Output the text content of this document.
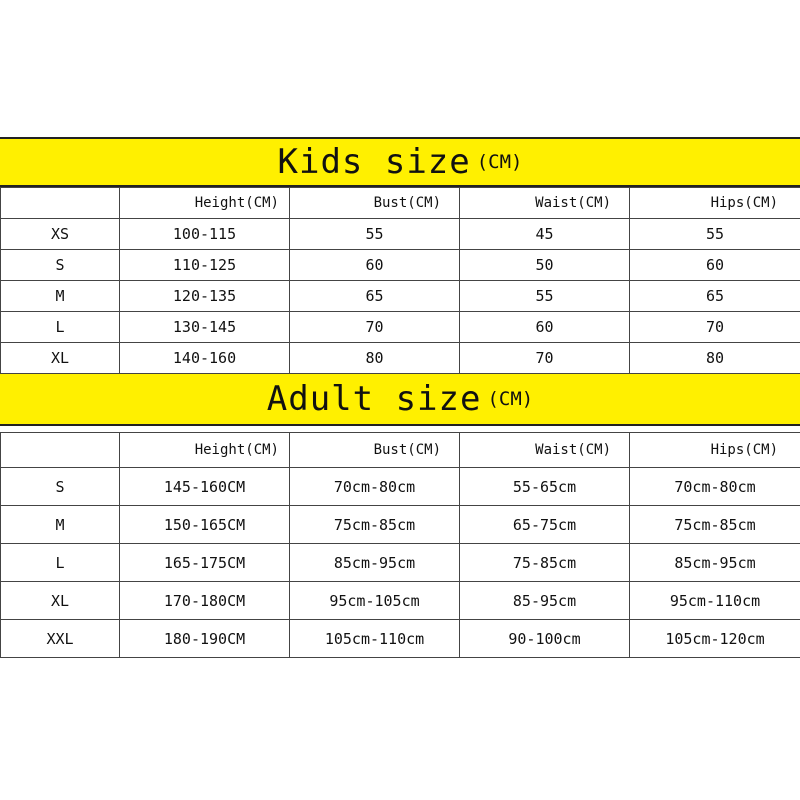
Kids size (CM)
	Height(CM)	Bust(CM)	Waist(CM)	Hips(CM)
XS	100-115	55	45	55
S	110-125	60	50	60
M	120-135	65	55	65
L	130-145	70	60	70
XL	140-160	80	70	80
Adult size (CM)
	Height(CM)	Bust(CM)	Waist(CM)	Hips(CM)
S	145-160CM	70cm-80cm	55-65cm	70cm-80cm
M	150-165CM	75cm-85cm	65-75cm	75cm-85cm
L	165-175CM	85cm-95cm	75-85cm	85cm-95cm
XL	170-180CM	95cm-105cm	85-95cm	95cm-110cm
XXL	180-190CM	105cm-110cm	90-100cm	105cm-120cm
